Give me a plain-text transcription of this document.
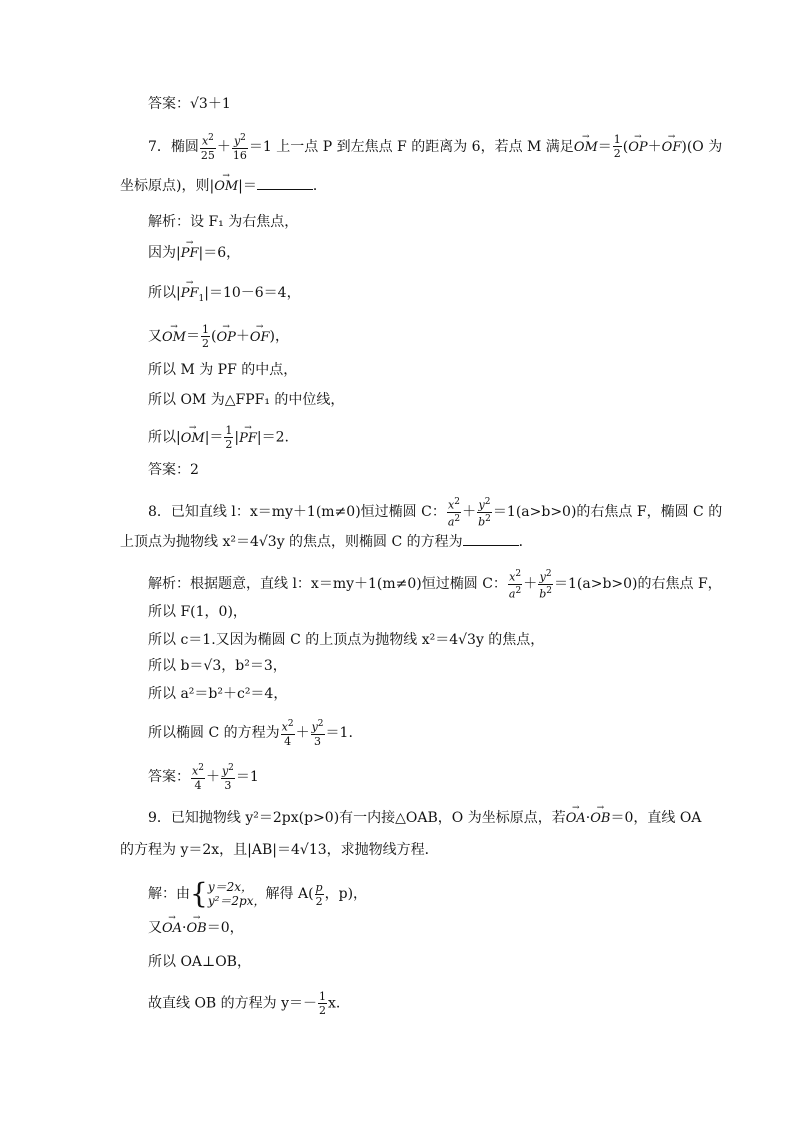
答案：√3＋1
7．椭圆 $\frac{x^2}{25} + \frac{y^2}{16} =1$ 上一点 P 到左焦点 F 的距离为 6，若点 M 满足→ $OM= \frac{1}{2}$ (→ OP＋→ OF)(O 为
坐标原点)，则|→ OM|＝	．
解析：设 F₁ 为右焦点，
因为|→ PF|＝6，
所以|→ $PF_1|=10-6=4$，
又→ $OM= \frac{1}{2}$ (→ OP＋→ OF)，
所以 M 为 PF 的中点，
所以 OM 为△FPF₁ 的中位线，
所以|→ $OM|= \frac{1}{2}$ |→ PF|＝2.
答案：2
8．已知直线 l：x＝my＋1(m≠0)恒过椭圆 C： $\frac{x^2}{a^2} + \frac{y^2}{b^2} =1(a>b>0)$的右焦点 F，椭圆 C 的
上顶点为抛物线 x²＝4√3y 的焦点，则椭圆 C 的方程为	．
解析：根据题意，直线 l：x＝my＋1(m≠0)恒过椭圆 C： $\frac{x^2}{a^2} + \frac{y^2}{b^2} =1(a>b>0)$的右焦点 F，
所以 F(1，0)，
所以 c＝1.又因为椭圆 C 的上顶点为抛物线 x²＝4√3y 的焦点，
所以 b＝√3，b²＝3，
所以 a²＝b²＋c²＝4，
所以椭圆 C 的方程为 $\frac{x^2}{4} + \frac{y^2}{3} =1$.
答案： $\frac{x^2}{4} + \frac{y^2}{3} =1$
9．已知抛物线 y²＝2px(p>0)有一内接△OAB，O 为坐标原点，若→ OA·→ OB＝0，直线 OA
的方程为 y＝2x，且|AB|＝4√13，求抛物线方程．
解：由{ y＝2x，
y²＝2px， 解得 $A( \frac{p}{2}$ ，p)，
又→ OA·→ OB＝0，
所以 OA⊥OB，
故直线 OB 的方程为 $y=- \frac{1}{2} x$.
